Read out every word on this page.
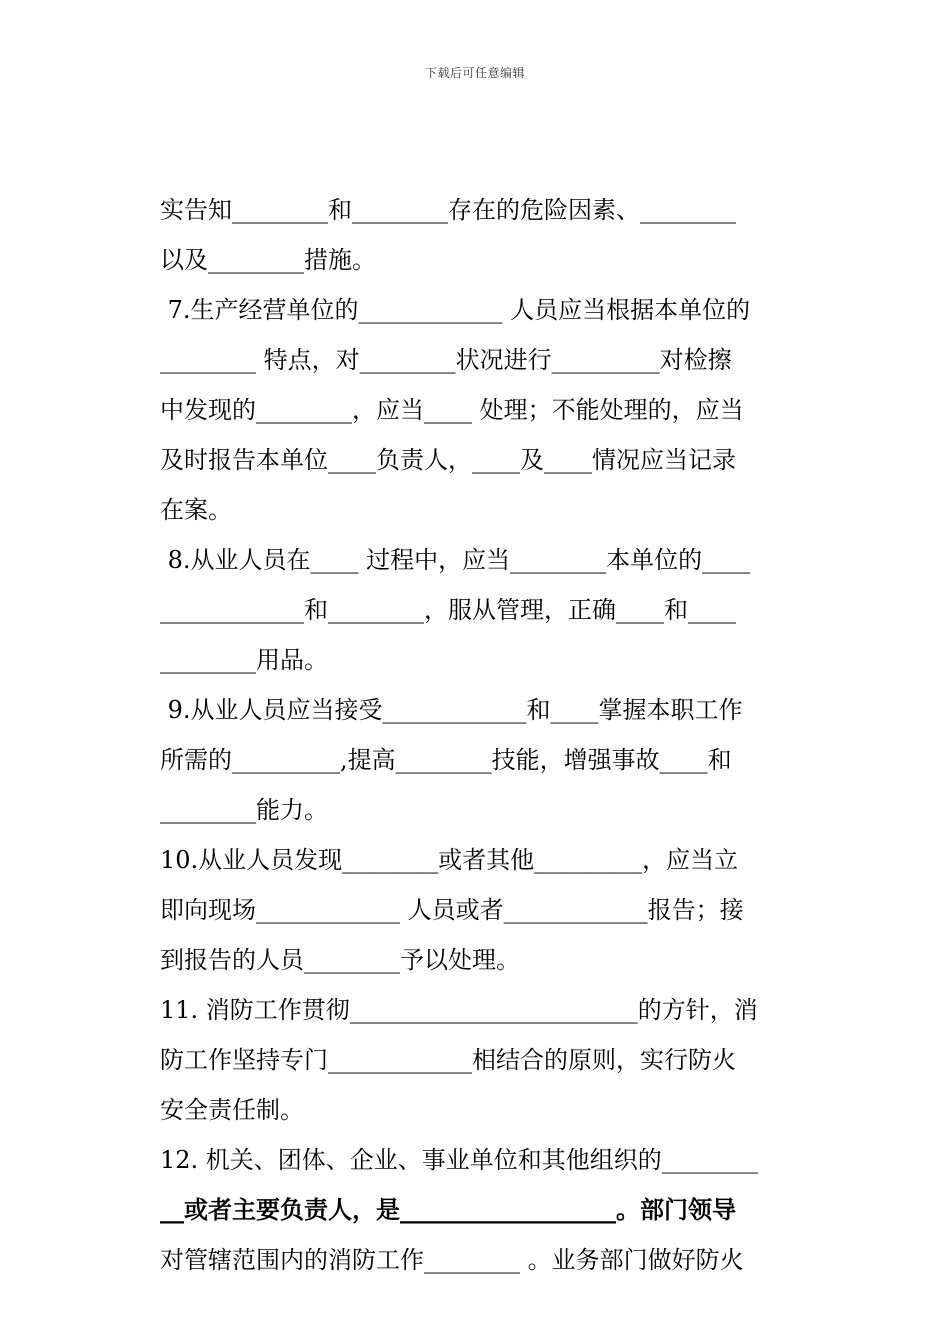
下载后可任意编辑
实告知________和________存在的危险因素、________
以及________措施。
7.生产经营单位的____________ 人员应当根据本单位的
________ 特点，对________状况进行_________对检擦
中发现的________，应当____ 处理；不能处理的，应当
及时报告本单位____负责人，____及____情况应当记录
在案。
8.从业人员在____ 过程中，应当________本单位的____
____________和________，服从管理，正确____和____
________用品。
9.从业人员应当接受____________和____掌握本职工作
所需的_________,提高________技能，增强事故____和
________能力。
10.从业人员发现________或者其他_________，应当立
即向现场____________ 人员或者____________报告；接
到报告的人员________予以处理。
11. 消防工作贯彻________________________的方针，消
防工作坚持专门____________相结合的原则，实行防火
安全责任制。
12. 机关、团体、企业、事业单位和其他组织的________
__或者主要负责人，是__________________。部门领导
对管辖范围内的消防工作________ 。业务部门做好防火
